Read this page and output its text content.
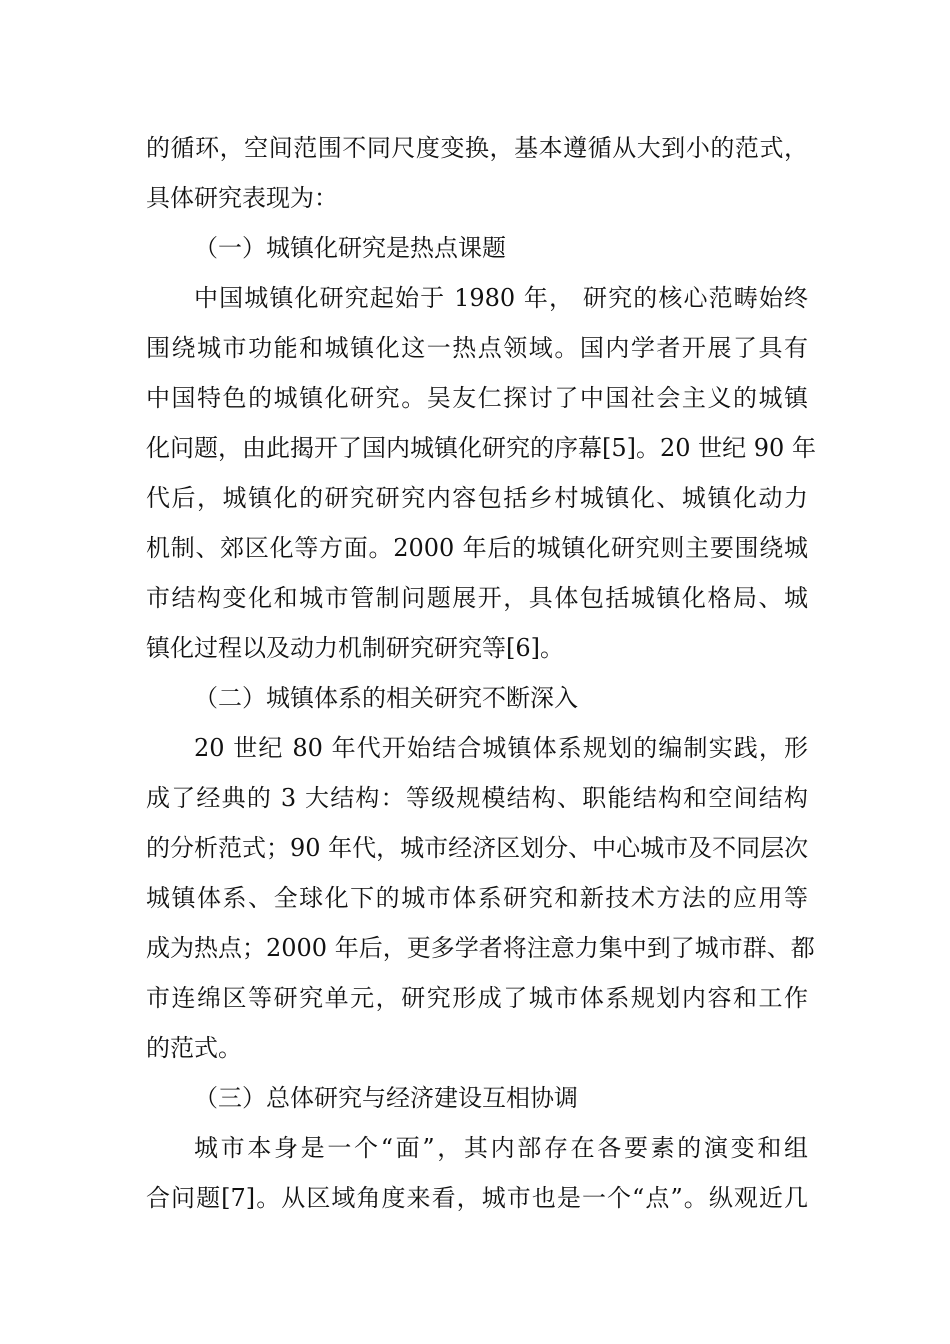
的循环，空间范围不同尺度变换，基本遵循从大到小的范式，
具体研究表现为：
（一）城镇化研究是热点课题
中国城镇化研究起始于 1980 年， 研究的核心范畴始终
围绕城市功能和城镇化这一热点领域。国内学者开展了具有
中国特色的城镇化研究。吴友仁探讨了中国社会主义的城镇
化问题，由此揭开了国内城镇化研究的序幕[5]。20 世纪 90 年
代后，城镇化的研究研究内容包括乡村城镇化、城镇化动力
机制、郊区化等方面。2000 年后的城镇化研究则主要围绕城
市结构变化和城市管制问题展开，具体包括城镇化格局、城
镇化过程以及动力机制研究研究等[6]。
（二）城镇体系的相关研究不断深入
20 世纪 80 年代开始结合城镇体系规划的编制实践，形
成了经典的 3 大结构：等级规模结构、职能结构和空间结构
的分析范式；90 年代，城市经济区划分、中心城市及不同层次
城镇体系、全球化下的城市体系研究和新技术方法的应用等
成为热点；2000 年后，更多学者将注意力集中到了城市群、都
市连绵区等研究单元，研究形成了城市体系规划内容和工作
的范式。
（三）总体研究与经济建设互相协调
城市本身是一个“面”，其内部存在各要素的演变和组
合问题[7]。从区域角度来看，城市也是一个“点”。纵观近几
